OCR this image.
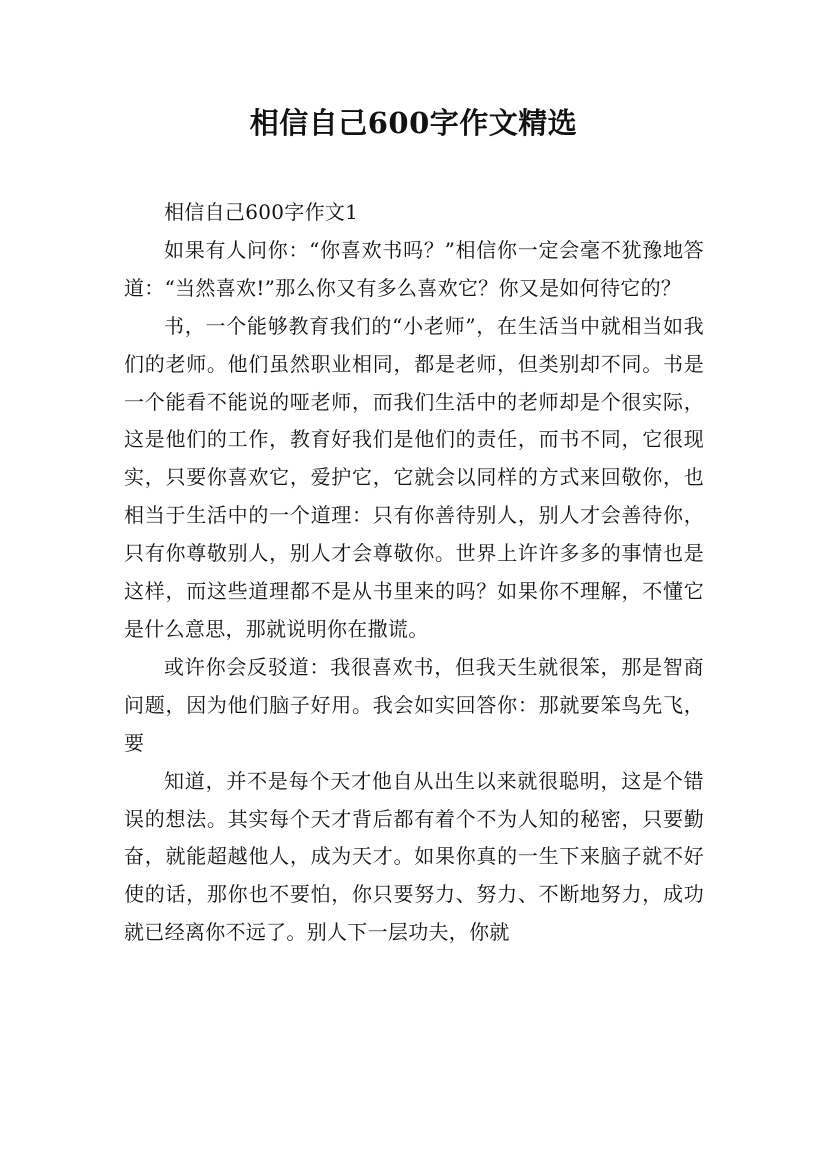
相信自己600字作文精选

相信自己600字作文1

如果有人问你：“你喜欢书吗？”相信你一定会毫不犹豫地答道：“当然喜欢!”那么你又有多么喜欢它？你又是如何待它的？

书，一个能够教育我们的“小老师”，在生活当中就相当如我们的老师。他们虽然职业相同，都是老师，但类别却不同。书是一个能看不能说的哑老师，而我们生活中的老师却是个很实际，这是他们的工作，教育好我们是他们的责任，而书不同，它很现实，只要你喜欢它，爱护它，它就会以同样的方式来回敬你，也相当于生活中的一个道理：只有你善待别人，别人才会善待你，只有你尊敬别人，别人才会尊敬你。世界上许许多多的事情也是这样，而这些道理都不是从书里来的吗？如果你不理解，不懂它是什么意思，那就说明你在撒谎。

或许你会反驳道：我很喜欢书，但我天生就很笨，那是智商问题，因为他们脑子好用。我会如实回答你：那就要笨鸟先飞，要

知道，并不是每个天才他自从出生以来就很聪明，这是个错误的想法。其实每个天才背后都有着个不为人知的秘密，只要勤奋，就能超越他人，成为天才。如果你真的一生下来脑子就不好使的话，那你也不要怕，你只要努力、努力、不断地努力，成功就已经离你不远了。别人下一层功夫，你就
